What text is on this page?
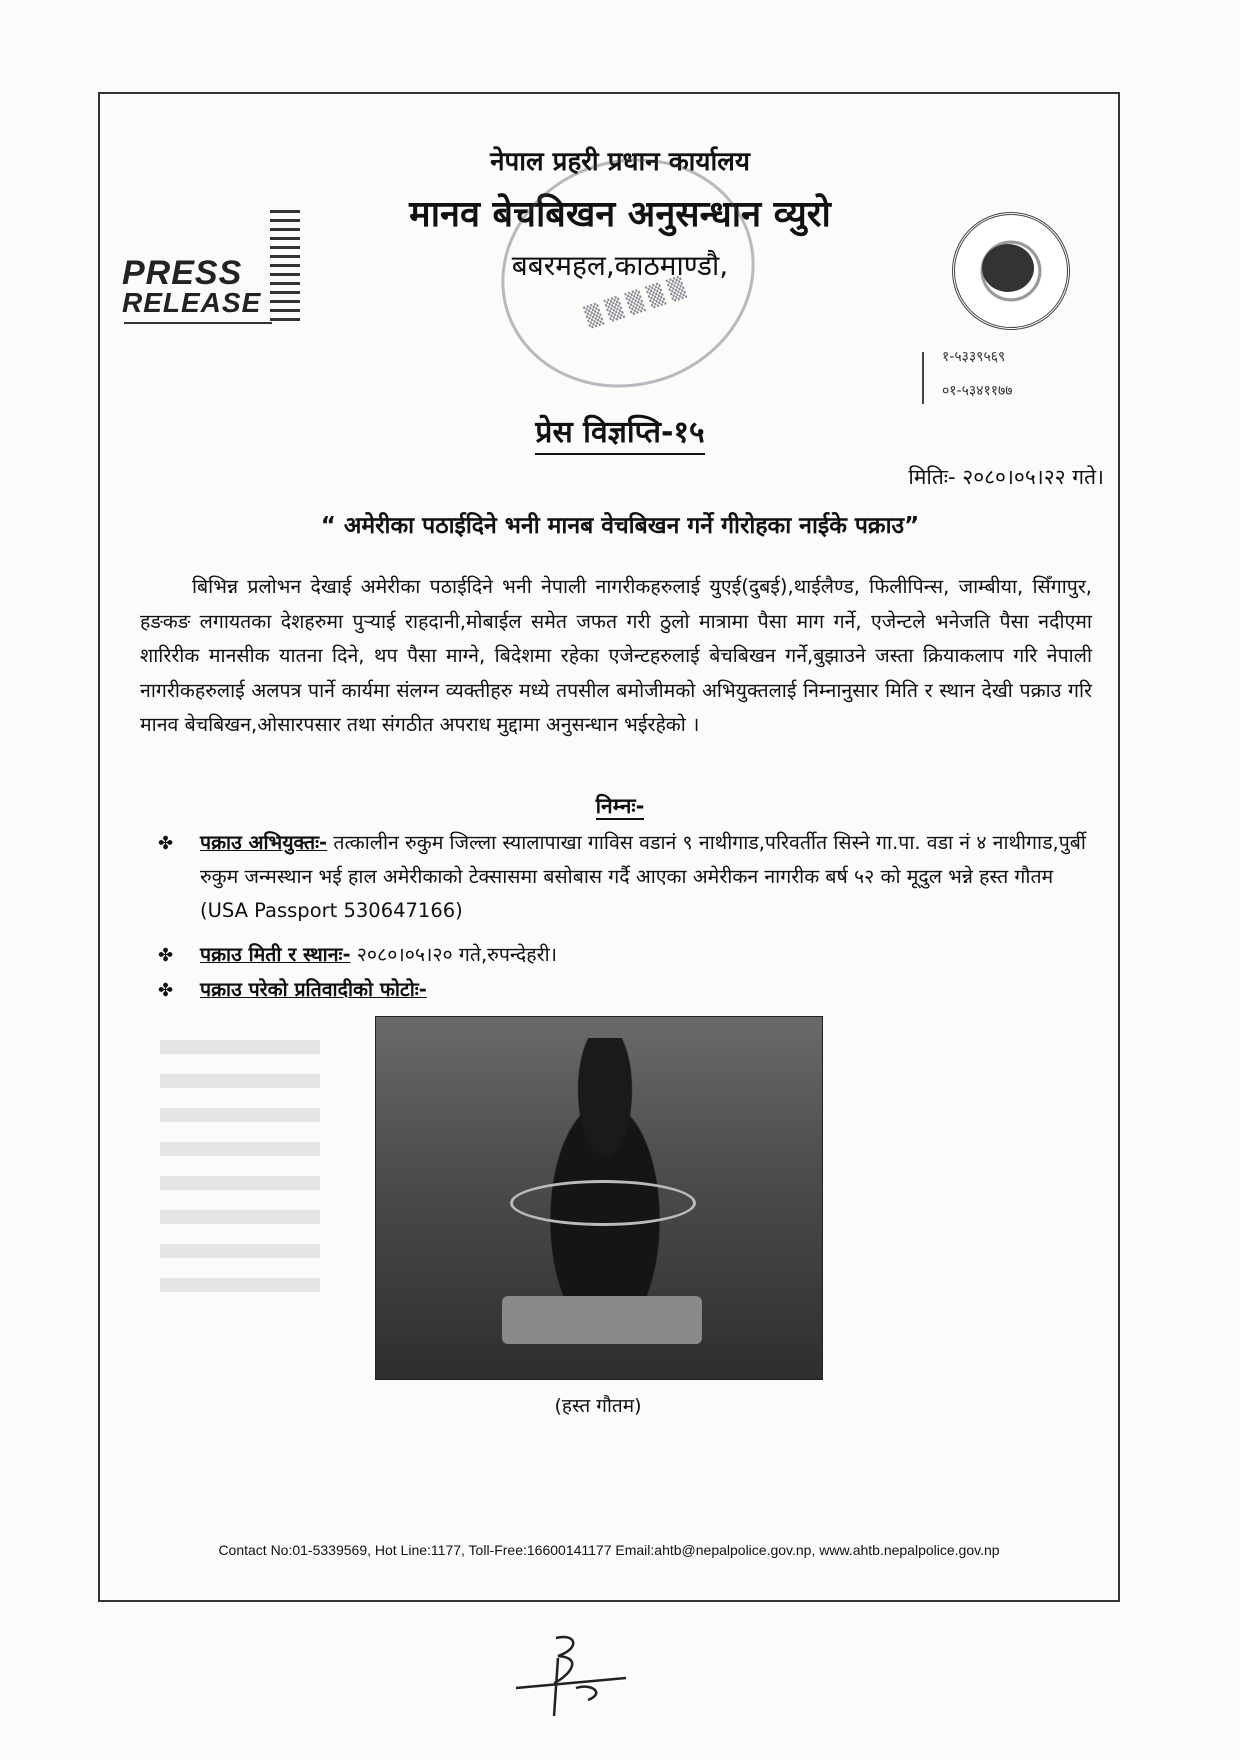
नेपाल प्रहरी प्रधान कार्यालय
मानव बेचबिखन अनुसन्धान व्युरो
बबरमहल,काठमाण्डौ,
▒ ▒ ▒ ▒ ▒
PRESS
RELEASE
१-५३३९५६९
०१-५३४११७७
प्रेस विज्ञप्ति-१५
मितिः- २०८०।०५।२२ गते।
“ अमेरीका पठाईदिने भनी मानब वेचबिखन गर्ने गीरोहका नाईके पक्राउ”
बिभिन्न प्रलोभन देखाई अमेरीका पठाईदिने भनी नेपाली नागरीकहरुलाई युएई(दुबई),थाईलैण्ड, फिलीपिन्स, जाम्बीया, सिँगापुर, हङकङ लगायतका देशहरुमा पुऱ्याई राहदानी,मोबाईल समेत जफत गरी ठुलो मात्रामा पैसा माग गर्ने, एजेन्टले भनेजति पैसा नदीएमा शारिरीक मानसीक यातना दिने, थप पैसा माग्ने, बिदेशमा रहेका एजेन्टहरुलाई बेचबिखन गर्ने,बुझाउने जस्ता क्रियाकलाप गरि नेपाली नागरीकहरुलाई अलपत्र पार्ने कार्यमा संलग्न व्यक्तीहरु मध्ये तपसील बमोजीमको अभियुक्तलाई निम्नानुसार मिति र स्थान देखी पक्राउ गरि मानव बेचबिखन,ओसारपसार तथा संगठीत अपराध मुद्दामा अनुसन्धान भईरहेको ।
निम्नः-
✤ पक्राउ अभियुक्तः- तत्कालीन रुकुम जिल्ला स्यालापाखा गाविस वडानं ९ नाथीगाड,परिवर्तीत सिस्ने गा.पा. वडा नं ४ नाथीगाड,पुर्बी रुकुम जन्मस्थान भई हाल अमेरीकाको टेक्सासमा बसोबास गर्दै आएका अमेरीकन नागरीक बर्ष ५२ को मूदुल भन्ने हस्त गौतम (USA Passport 530647166)
✤ पक्राउ मिती र स्थानः- २०८०।०५।२० गते,रुपन्देहरी।
✤ पक्राउ परेको प्रतिवादीको फोटोः-
(हस्त गौतम)
Contact No:01-5339569, Hot Line:1177, Toll-Free:16600141177 Email:ahtb@nepalpolice.gov.np, www.ahtb.nepalpolice.gov.np
